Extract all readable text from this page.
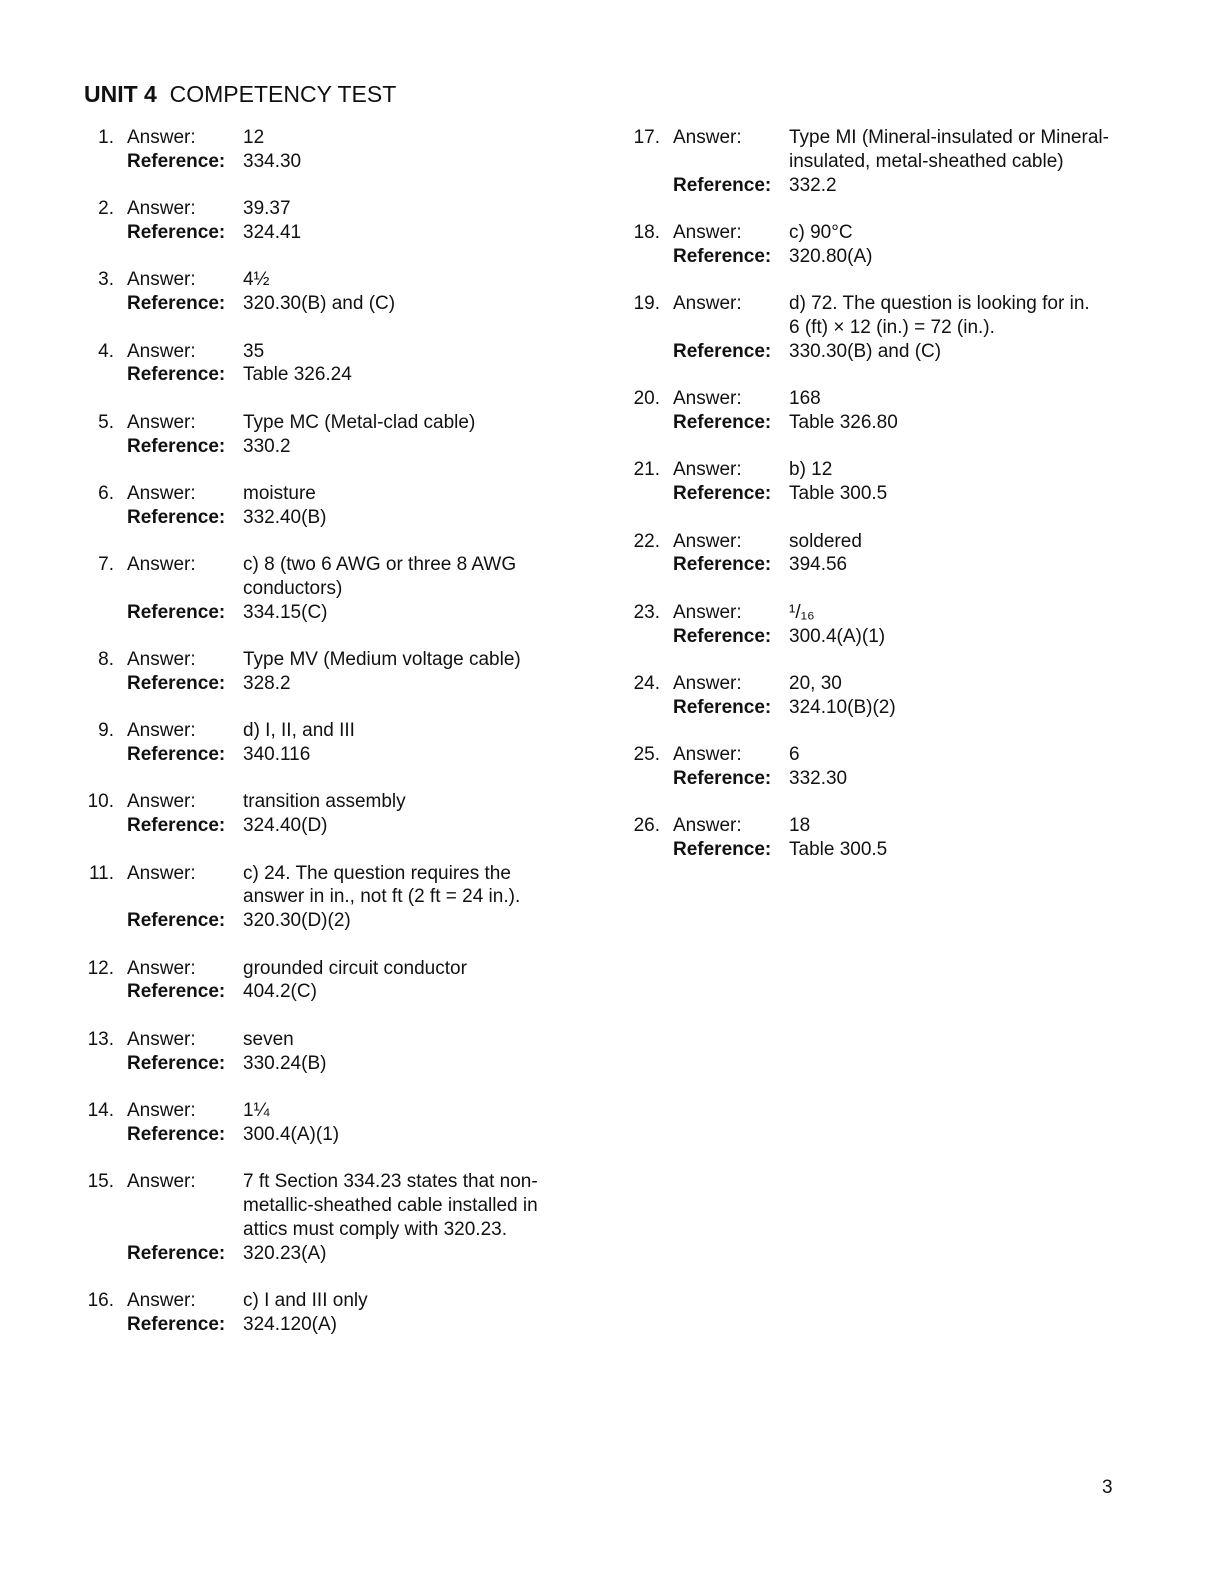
UNIT 4 COMPETENCY TEST
1. Answer:	12
Reference: 334.30
2. Answer:	39.37
Reference: 324.41
3. Answer:	4½
Reference: 320.30(B) and (C)
4. Answer:	35
Reference: Table 326.24
5. Answer:	Type MC (Metal-clad cable)
Reference: 330.2
6. Answer:	moisture
Reference: 332.40(B)
7. Answer:	c) 8 (two 6 AWG or three 8 AWG
conductors)
Reference: 334.15(C)
8. Answer:	Type MV (Medium voltage cable)
Reference: 328.2
9. Answer:	d) I, II, and III
Reference: 340.116
10. Answer:	transition assembly
Reference: 324.40(D)
11. Answer:	c) 24. The question requires the
answer in in., not ft (2 ft = 24 in.).
Reference: 320.30(D)(2)
12. Answer:	grounded circuit conductor
Reference: 404.2(C)
13. Answer:	seven
Reference: 330.24(B)
14. Answer:	1¼
Reference: 300.4(A)(1)
15. Answer:	7 ft Section 334.23 states that non-
metallic-sheathed cable installed in
attics must comply with 320.23.
Reference: 320.23(A)
16. Answer:	c) I and III only
Reference: 324.120(A)
17. Answer:	Type MI (Mineral-insulated or Mineral-
insulated, metal-sheathed cable)
Reference: 332.2
18. Answer:	c) 90°C
Reference: 320.80(A)
19. Answer:	d) 72. The question is looking for in.
6 (ft) × 12 (in.) = 72 (in.).
Reference: 330.30(B) and (C)
20. Answer:	168
Reference: Table 326.80
21. Answer:	b) 12
Reference: Table 300.5
22. Answer:	soldered
Reference: 394.56
23. Answer:	¹/₁₆
Reference: 300.4(A)(1)
24. Answer:	20, 30
Reference: 324.10(B)(2)
25. Answer:	6
Reference: 332.30
26. Answer:	18
Reference: Table 300.5
3
